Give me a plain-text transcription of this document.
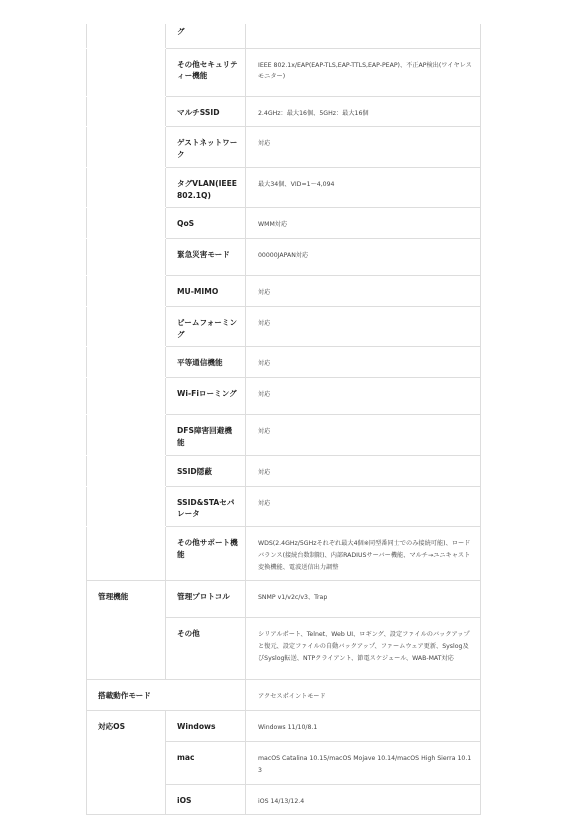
	グ	
	その他セキュリティー機能	IEEE 802.1x/EAP(EAP-TLS,EAP-TTLS,EAP-PEAP)、不正AP検出(ワイヤレスモニター)
	マルチSSID	2.4GHz：最大16個、5GHz：最大16個
	ゲストネットワーク	対応
	タグVLAN(IEEE802.1Q)	最大34個、VID=1～4,094
	QoS	WMM対応
	緊急災害モード	00000JAPAN対応
	MU-MIMO	対応
	ビームフォーミング	対応
	平等通信機能	対応
	Wi-Fiローミング	対応
	DFS障害回避機能	対応
	SSID隠蔽	対応
	SSID&STAセパレータ	対応
	その他サポート機能	WDS(2.4GHz/5GHzそれぞれ最大4個※同型番同士でのみ接続可能)、ロードバランス(接続台数制限)、内部RADIUSサーバー機能、マルチ→ユニキャスト変換機能、電波送信出力調整
管理機能	管理プロトコル	SNMP v1/v2c/v3、Trap
	その他	シリアルポート、Telnet、Web UI、ロギング、設定ファイルのバックアップと復元、設定ファイルの自動バックアップ、ファームウェア更新、Syslog及びSyslog転送、NTPクライアント、節電スケジュール、WAB-MAT対応
搭載動作モード		アクセスポイントモード
対応OS	Windows	Windows 11/10/8.1
	mac	macOS Catalina 10.15/macOS Mojave 10.14/macOS High Sierra 10.13
	iOS	iOS 14/13/12.4
